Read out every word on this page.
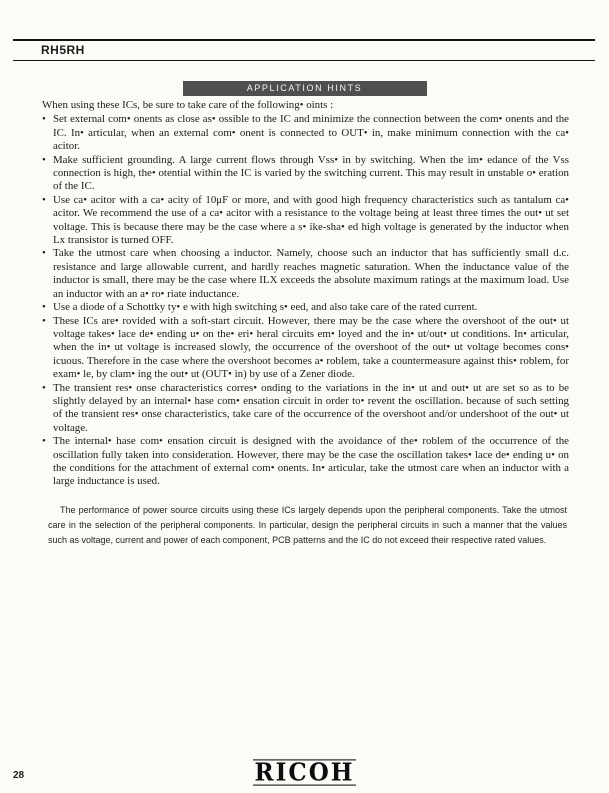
RH5RH
APPLICATION HINTS

When using these ICs, be sure to take care of the following• oints :

• Set external com• onents as close as• ossible to the IC and minimize the connection between the com• onents and the IC. In• articular, when an external com• onent is connected to OUT• in, make minimum connection with the ca• acitor.
• Make sufficient grounding. A large current flows through Vss• in by switching. When the im• edance of the Vss connection is high, the• otential within the IC is varied by the switching current. This may result in unstable o• eration of the IC.
• Use ca• acitor with a ca• acity of 10μF or more, and with good high frequency characteristics such as tantalum ca• acitor. We recommend the use of a ca• acitor with a resistance to the voltage being at least three times the out• ut set voltage. This is because there may be the case where a s• ike-sha• ed high voltage is generated by the inductor when Lx transistor is turned OFF.
• Take the utmost care when choosing a inductor. Namely, choose such an inductor that has sufficiently small d.c. resistance and large allowable current, and hardly reaches magnetic saturation. When the inductance value of the inductor is small, there may be the case where ILX exceeds the absolute maximum ratings at the maximum load. Use an inductor with an a• ro• riate inductance.
• Use a diode of a Schottky ty• e with high switching s• eed, and also take care of the rated current.
• These ICs are• rovided with a soft-start circuit. However, there may be the case where the overshoot of the out• ut voltage takes• lace de• ending u• on the• eri• heral circuits em• loyed and the in• ut/out• ut conditions. In• articular, when the in• ut voltage is increased slowly, the occurrence of the overshoot of the out• ut voltage becomes cons• icuous. Therefore in the case where the overshoot becomes a• roblem, take a countermeasure against this• roblem, for exam• le, by clam• ing the out• ut (OUT• in) by use of a Zener diode.
• The transient res• onse characteristics corres• onding to the variations in the in• ut and out• ut are set so as to be slightly delayed by an internal• hase com• ensation circuit in order to• revent the oscillation. because of such setting of the transient res• onse characteristics, take care of the occurrence of the overshoot and/or undershoot of the out• ut voltage.
• The internal• hase com• ensation circuit is designed with the avoidance of the• roblem of the occurrence of the oscillation fully taken into consideration. However, there may be the case the oscillation takes• lace de• ending u• on the conditions for the attachment of external com• onents. In• articular, take the utmost care when an inductor with a large inductance is used.

The performance of power source circuits using these ICs largely depends upon the peripheral components. Take the utmost care in the selection of the peripheral components. In particular, design the peripheral circuits in such a manner that the values such as voltage, current and power of each component, PCB patterns and the IC do not exceed their respective rated values.

28	RICOH
